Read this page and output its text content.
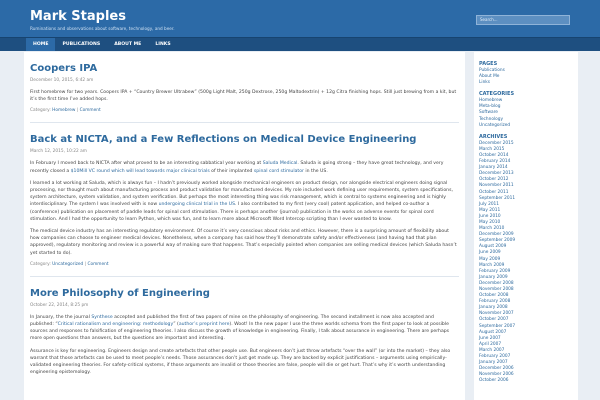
Mark Staples
Ruminations and observations about software, technology, and beer.
Search...
HOME	PUBLICATIONS	ABOUT ME	LINKS
Coopers IPA
December 10, 2015, 6:42 am

First homebrew for two years. Coopers IPA + “Country Brewer Ultrabew” (500g Light Malt, 250g Dextrose, 250g Maltodextrin) + 12g Citra finishing hops. Still just brewing from a kit, but it’s the first time I’ve added hops.

Category: Homebrew | Comment
Back at NICTA, and a Few Reflections on Medical Device Engineering
March 12, 2015, 10:22 am

In February I moved back to NICTA after what proved to be an interesting sabbatical year working at Saluda Medical. Saluda is going strong – they have great technology, and very recently closed a $10Mill VC round which will lead towards major clinical trials of their implanted spinal cord stimulator in the US.

I learned a lot working at Saluda, which is always fun – I hadn’t previously worked alongside mechanical engineers on product design, nor alongside electrical engineers doing signal processing, nor thought much about manufacturing process and product validation for manufactured devices. My role included work defining user requirements, system specifications, system architecture, system validation, and system verification. But perhaps the most interesting thing was risk management, which is central to systems engineering and is highly interdisciplinary. The system I was involved with is now undergoing clinical trial in the US. I also contributed to my first (very cool) patent application, and helped co-author a (conference) publication on placement of paddle leads for spinal cord stimulation. There is perhaps another (journal) publication in the works on adverse events for spinal cord stimulation. And I had the opportunity to learn Python, which was fun, and to learn more about Microsoft Word Intercop scripting than I ever wanted to know.

The medical device industry has an interesting regulatory environment. Of course it’s very conscious about risks and ethics. However, there is a surprising amount of flexibility about how companies can choose to engineer medical devices. Nonetheless, when a company has said how they’ll demonstrate safety and/or effectiveness (and having had that plan approved), regulatory monitoring and review is a powerful way of making sure that happens. That’s especially pointed when companies are selling medical devices (which Saluda hasn’t yet started to do).

Category: Uncategorized | Comment
More Philosophy of Engineering
October 22, 2014, 8:25 pm

In January, the the journal Synthese accepted and published the first of two papers of mine on the philosophy of engineering. The second installment is now also accepted and published: “Critical rationalism and engineering: methodology” (author’s preprint here). Woot! In the new paper I use the three worlds schema from the first paper to look at possible sources and responses to falsification of engineering theories. I also discuss the growth of knowledge in engineering. Finally, I talk about assurance in engineering. There are perhaps more open questions than answers, but the questions are important and interesting.

Assurance is key for engineering. Engineers design and create artefacts that other people use. But engineers don’t just throw artefacts “over the wall” (or into the market) – they also warrant that those artefacts can be used to meet people’s needs. Those assurances don’t just get made up. They are backed by explicit justifications – arguments using empirically-validated engineering theories. For safety-critical systems, if those arguments are invalid or those theories are false, people will die or get hurt. That’s why it’s worth understanding engineering epistemology.

PAGES
Publications
About Me
Links
CATEGORIES
Homebrew
Meta-blog
Software
Technology
Uncategorized
ARCHIVES
December 2015
March 2015
October 2014
February 2014
January 2014
December 2013
October 2012
November 2011
October 2011
September 2011
July 2011
May 2011
June 2010
May 2010
March 2010
December 2009
September 2009
August 2009
June 2009
May 2009
March 2009
February 2009
January 2009
December 2008
November 2008
October 2008
February 2008
January 2008
November 2007
October 2007
September 2007
August 2007
June 2007
April 2007
March 2007
February 2007
January 2007
December 2006
November 2006
October 2006
